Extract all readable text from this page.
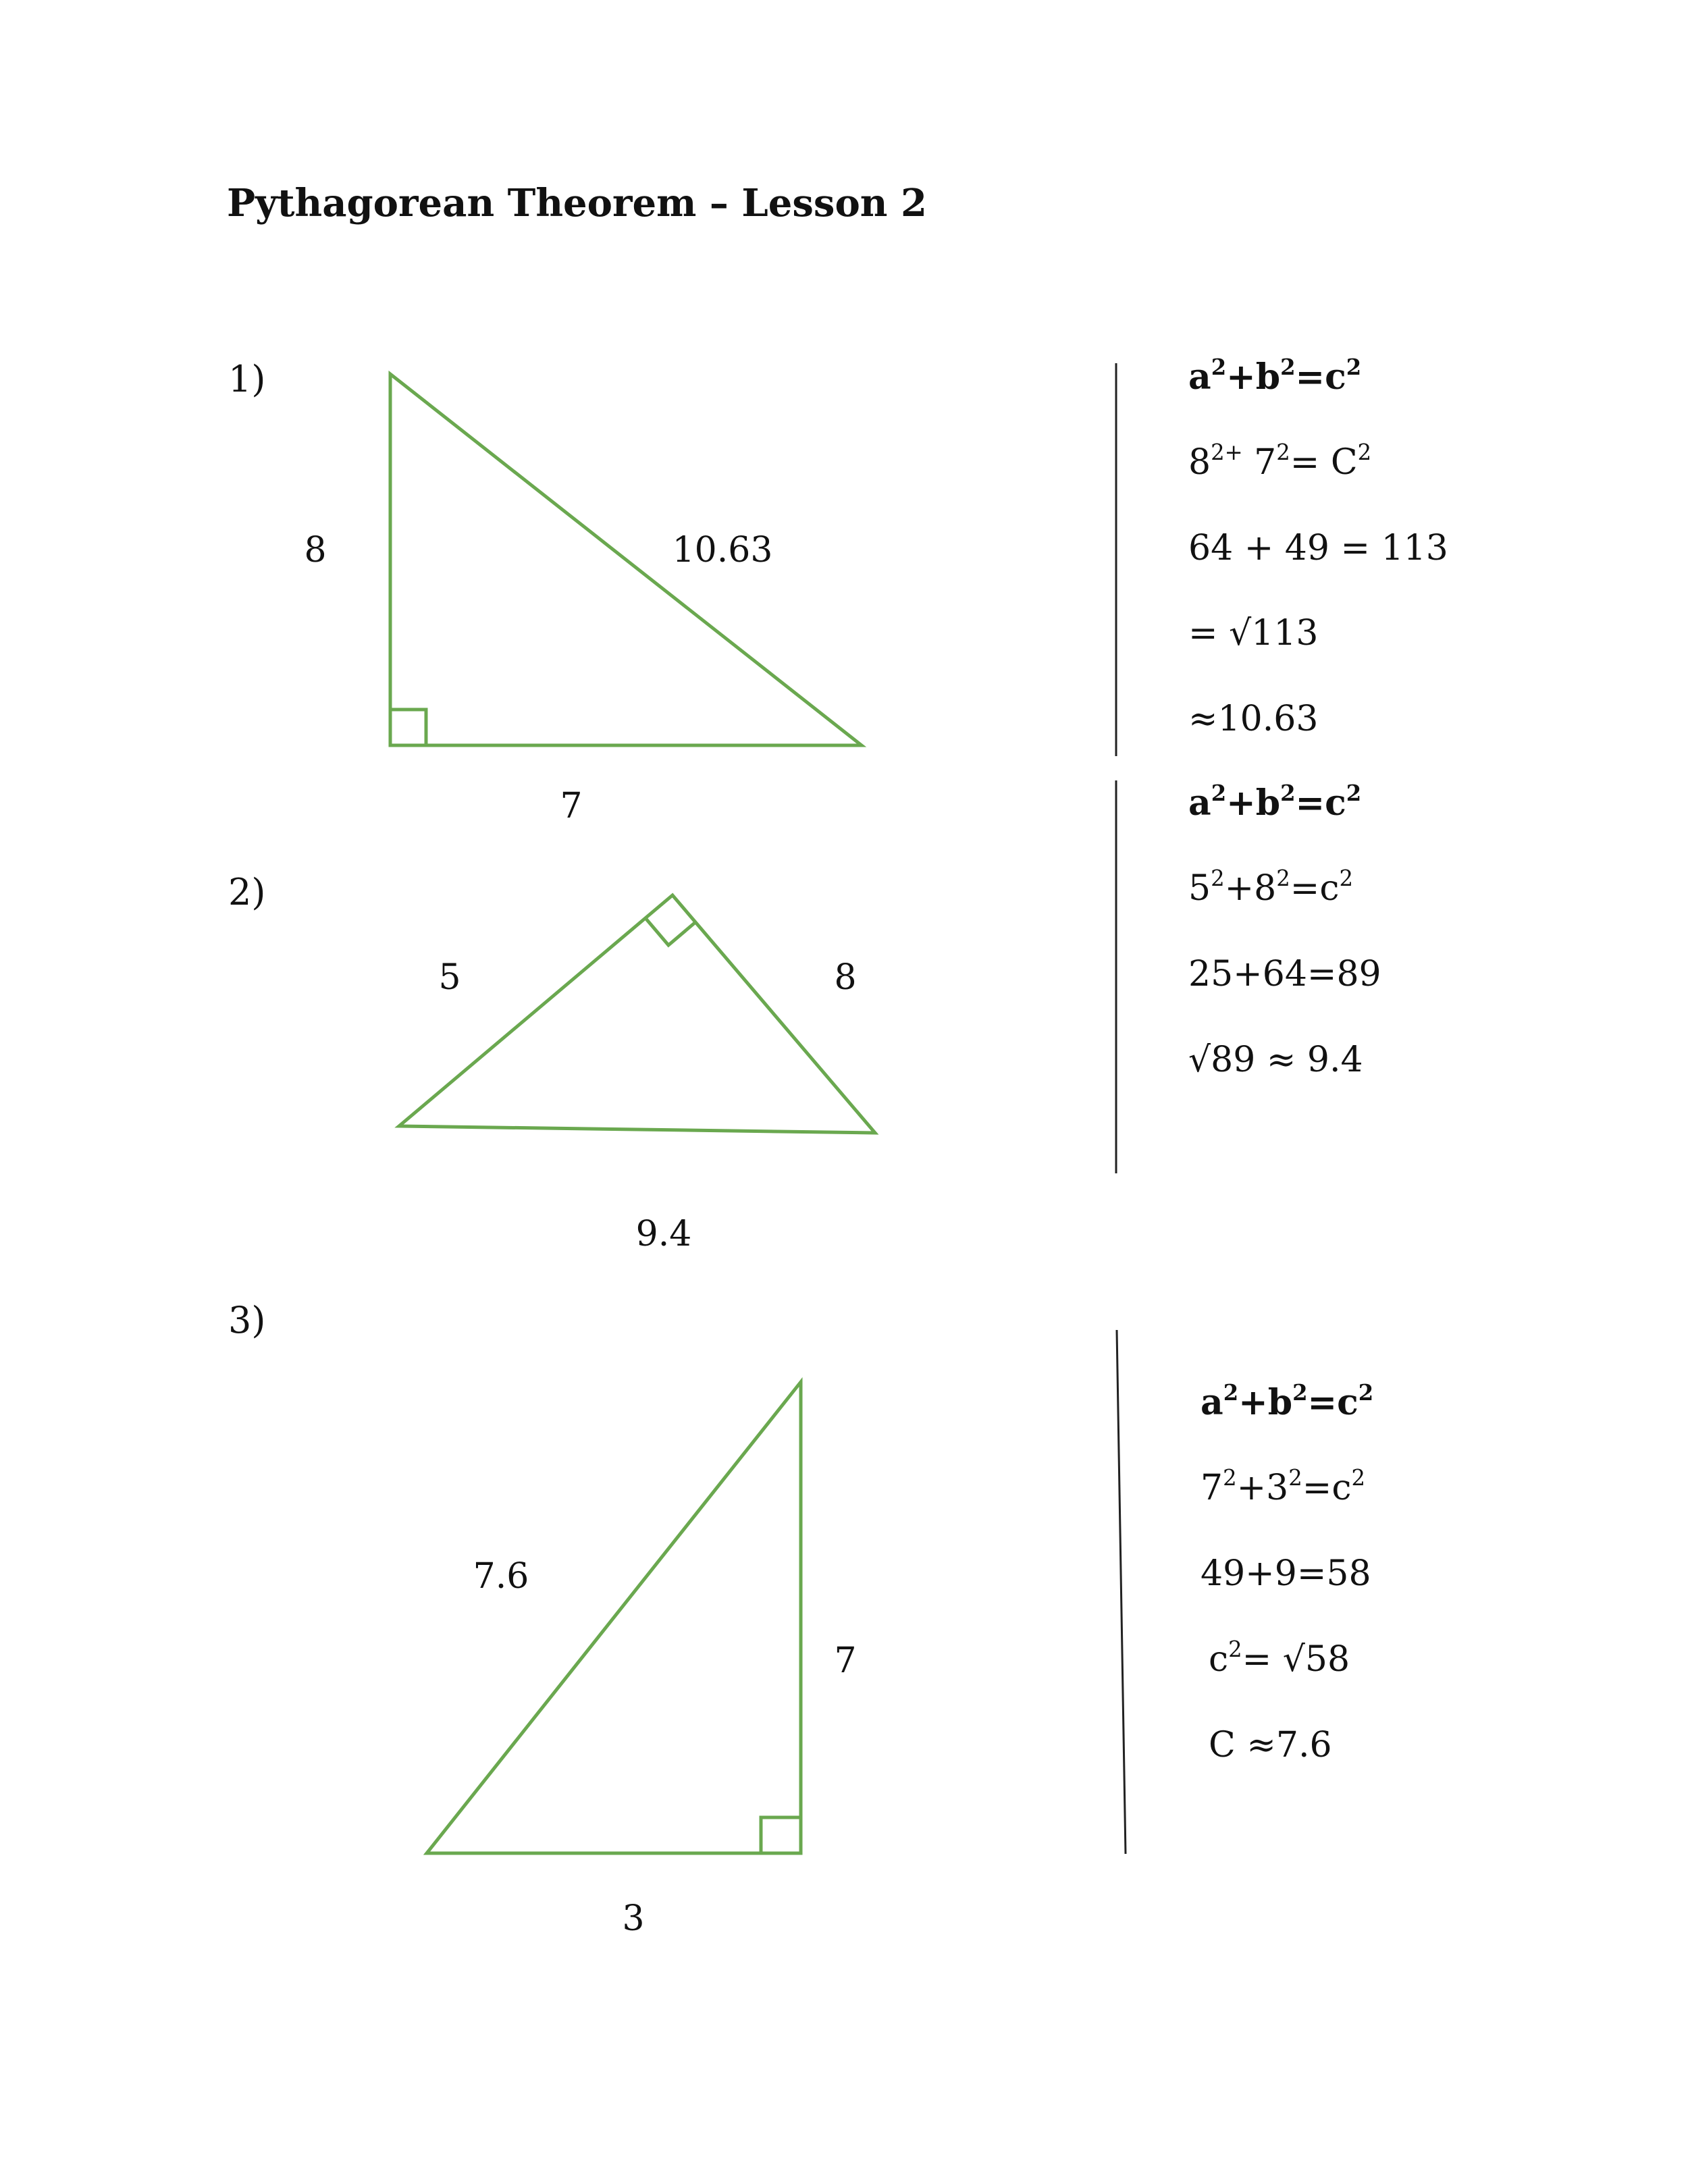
Pythagorean Theorem – Lesson 2
1)
8	10.63
7
$a^2+b^2=c^2$
$8^{2+}$ $7^2= C^2$
64 + 49 = 113
= √113
≈10.63
2)
5	8
9.4
$a^2+b^2=c^2$
$5^2+8^2=c^2$
25+64=89
√89 ≈ 9.4
3)
7.6
7
3
$a^2+b^2=c^2$
$7^2+3^2=c^2$
49+9=58
$c^2= √58$
C ≈7.6
